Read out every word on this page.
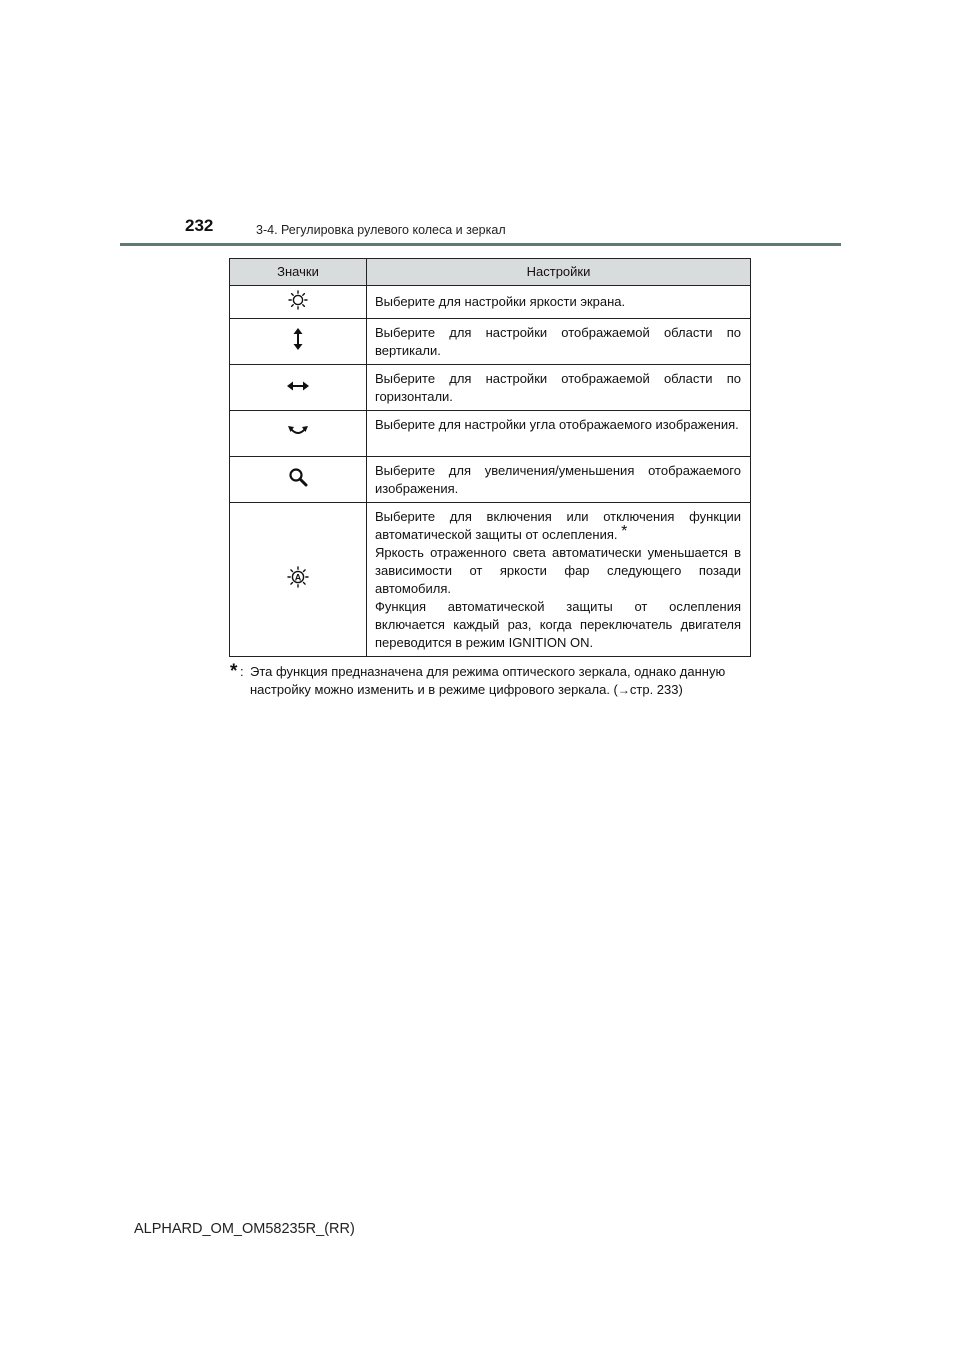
232	3-4. Регулировка рулевого колеса и зеркал
Значки	Настройки

Выберите для настройки яркости экрана.

Выберите для настройки отображаемой области по вертикали.

Выберите для настройки отображаемой области по горизонтали.

Выберите для настройки угла отображаемого изображения.

Выберите для увеличения/уменьшения отображаемого изображения.

A	Выберите для включения или отключения функции автоматической защиты от ослепления. *

Яркость отраженного света автоматически уменьшается в зависимости от яркости фар следующего позади автомобиля.

Функция автоматической защиты от ослепления включается каждый раз, когда переключатель двигателя переводится в режим IGNITION ON.

* : Эта функция предназначена для режима оптического зеркала, однако данную настройку можно изменить и в режиме цифрового зеркала. (→стр. 233)
ALPHARD_OM_OM58235R_(RR)
